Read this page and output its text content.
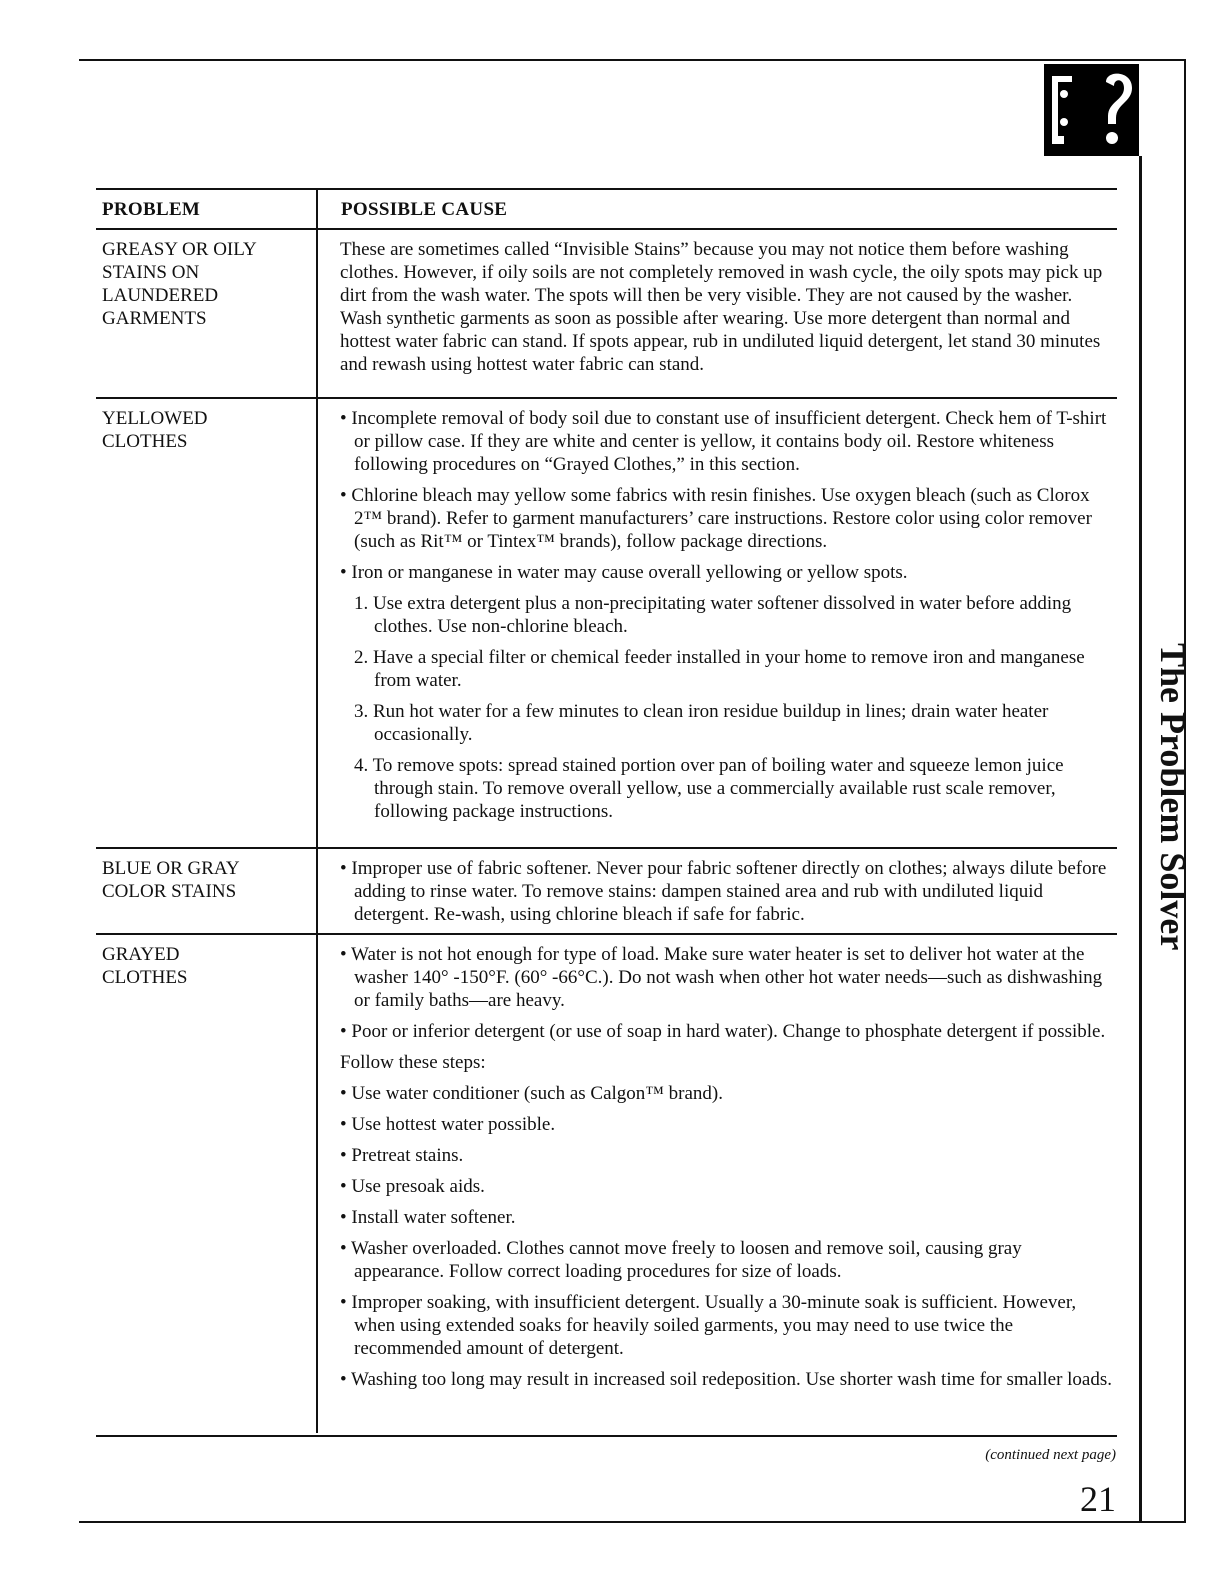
The Problem Solver
PROBLEM	POSSIBLE CAUSE
GREASY OR OILY STAINS ON LAUNDERED GARMENTS

These are sometimes called “Invisible Stains” because you may not notice them before washing clothes. However, if oily soils are not completely removed in wash cycle, the oily spots may pick up dirt from the wash water. The spots will then be very visible. They are not caused by the washer. Wash synthetic garments as soon as possible after wearing. Use more detergent than normal and hottest water fabric can stand. If spots appear, rub in undiluted liquid detergent, let stand 30 minutes and rewash using hottest water fabric can stand.

YELLOWED CLOTHES

• Incomplete removal of body soil due to constant use of insufficient detergent. Check hem of T-shirt or pillow case. If they are white and center is yellow, it contains body oil. Restore whiteness following procedures on “Grayed Clothes,” in this section.

• Chlorine bleach may yellow some fabrics with resin finishes. Use oxygen bleach (such as Clorox 2™ brand). Refer to garment manufacturers’ care instructions. Restore color using color remover (such as Rit™ or Tintex™ brands), follow package directions.

• Iron or manganese in water may cause overall yellowing or yellow spots.

1. Use extra detergent plus a non-precipitating water softener dissolved in water before adding clothes. Use non-chlorine bleach.

2. Have a special filter or chemical feeder installed in your home to remove iron and manganese from water.

3. Run hot water for a few minutes to clean iron residue buildup in lines; drain water heater occasionally.

4. To remove spots: spread stained portion over pan of boiling water and squeeze lemon juice through stain. To remove overall yellow, use a commercially available rust scale remover, following package instructions.

BLUE OR GRAY COLOR STAINS

• Improper use of fabric softener. Never pour fabric softener directly on clothes; always dilute before adding to rinse water. To remove stains: dampen stained area and rub with undiluted liquid detergent. Re-wash, using chlorine bleach if safe for fabric.

GRAYED CLOTHES

• Water is not hot enough for type of load. Make sure water heater is set to deliver hot water at the washer 140° -150°F. (60° -66°C.). Do not wash when other hot water needs—such as dishwashing or family baths—are heavy.

• Poor or inferior detergent (or use of soap in hard water). Change to phosphate detergent if possible.

Follow these steps:

• Use water conditioner (such as Calgon™ brand).

• Use hottest water possible.

• Pretreat stains.

• Use presoak aids.

• Install water softener.

• Washer overloaded. Clothes cannot move freely to loosen and remove soil, causing gray appearance. Follow correct loading procedures for size of loads.

• Improper soaking, with insufficient detergent. Usually a 30-minute soak is sufficient. However, when using extended soaks for heavily soiled garments, you may need to use twice the recommended amount of detergent.

• Washing too long may result in increased soil redeposition. Use shorter wash time for smaller loads.

(continued next page)
21
